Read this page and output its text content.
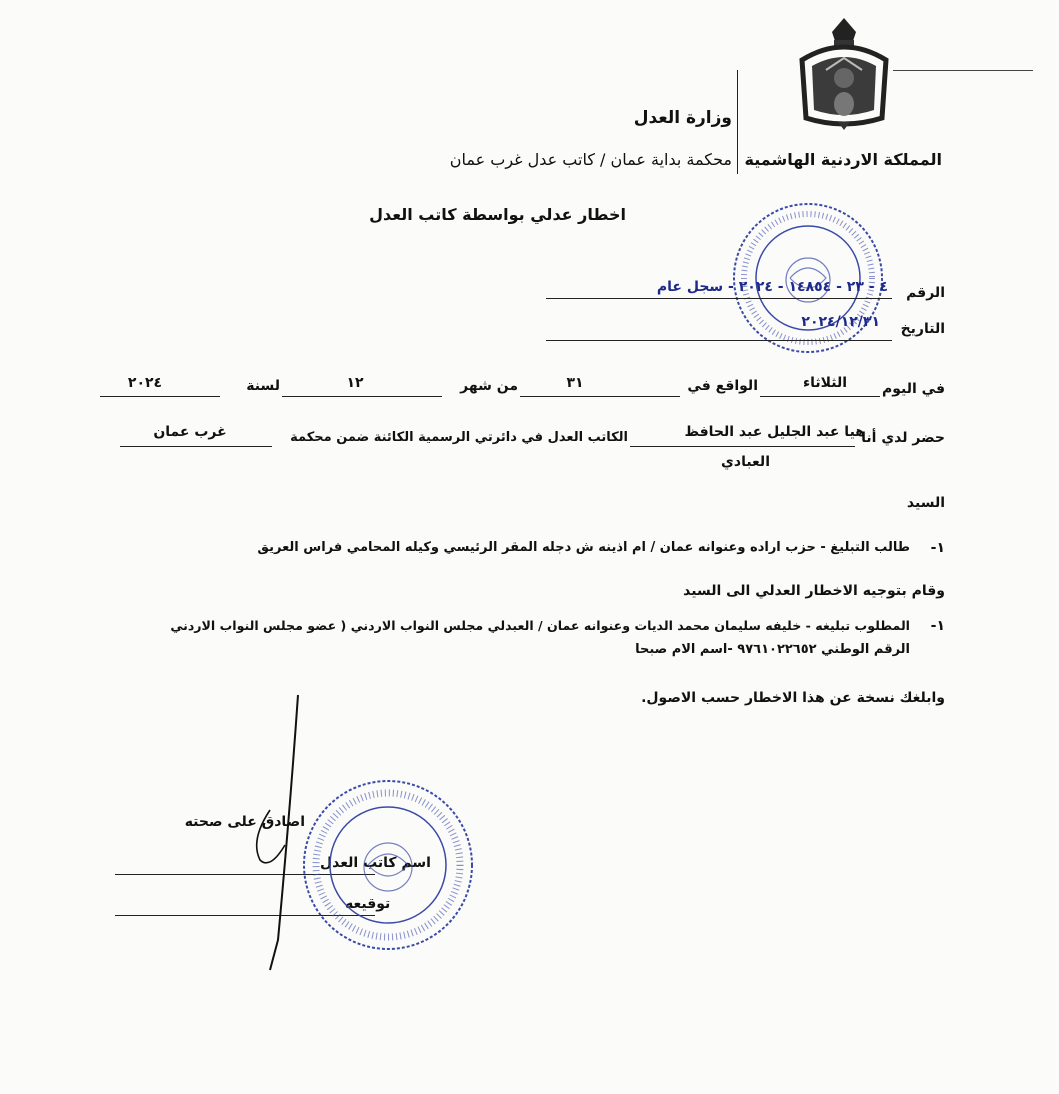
وزارة العدل
المملكة الاردنية الهاشمية
محكمة بداية عمان / كاتب عدل غرب عمان
اخطار عدلي بواسطة كاتب العدل
الرقم
٤ - ٢٣ - ١٤٨٥٤ - ٢٠٢٤ - سجل عام
التاريخ
٢٠٢٤/١٢/٣١
في اليوم
الثلاثاء
الواقع في
٣١
من شهر
١٢
لسنة
٢٠٢٤
حضر لدي أنا
هيا عبد الجليل عبد الحافظ
العبادي
الكاتب العدل في دائرتي الرسمية الكائنة ضمن محكمة
غرب عمان
السيد
١-
طالب التبليغ - حزب اراده وعنوانه عمان / ام اذينه ش دجله المقر الرئيسي وكيله المحامي فراس العريق
وقام بتوجيه الاخطار العدلي الى السيد
١-
المطلوب تبليغه - خليفه سليمان محمد الديات وعنوانه عمان / العبدلي مجلس النواب الاردني ( عضو مجلس النواب الاردني
الرقم الوطني ٩٧٦١٠٢٢٦٥٢ -اسم الام صبحا
وابلغك نسخة عن هذا الاخطار حسب الاصول.
اصادق على صحته
اسم كاتب العدل
توقيعه
